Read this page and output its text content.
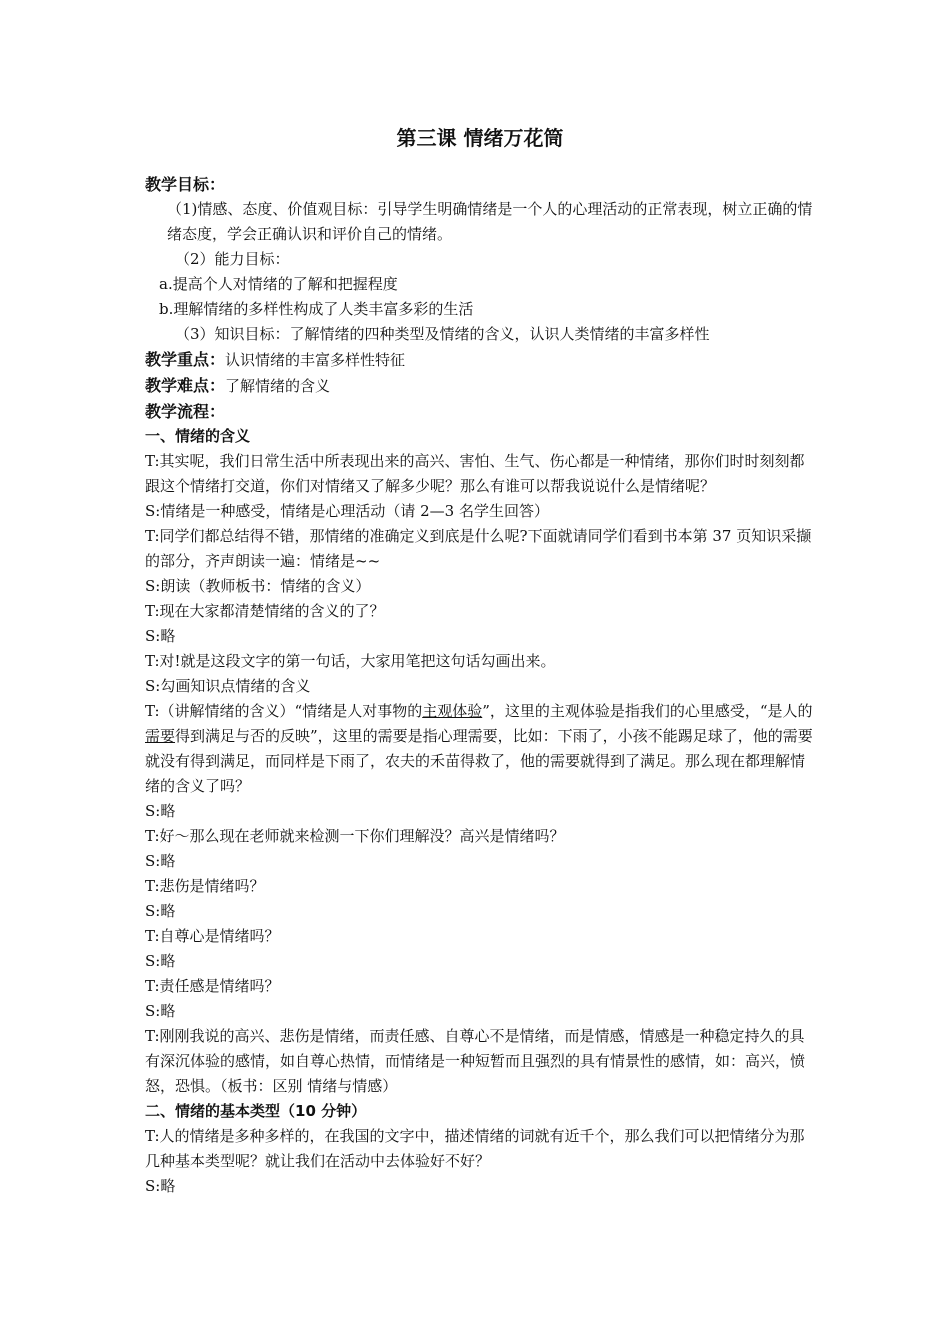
第三课 情绪万花筒
教学目标：

（1)情感、态度、价值观目标：引导学生明确情绪是一个人的心理活动的正常表现，树立正确的情绪态度，学会正确认识和评价自己的情绪。

（2）能力目标：

a.提高个人对情绪的了解和把握程度

b.理解情绪的多样性构成了人类丰富多彩的生活

（3）知识目标：了解情绪的四种类型及情绪的含义，认识人类情绪的丰富多样性

教学重点：认识情绪的丰富多样性特征

教学难点：了解情绪的含义

教学流程：
一、情绪的含义

T:其实呢，我们日常生活中所表现出来的高兴、害怕、生气、伤心都是一种情绪，那你们时时刻刻都跟这个情绪打交道，你们对情绪又了解多少呢？那么有谁可以帮我说说什么是情绪呢？

S:情绪是一种感受，情绪是心理活动（请 2—3 名学生回答）

T:同学们都总结得不错，那情绪的准确定义到底是什么呢?下面就请同学们看到书本第 37 页知识采撷的部分，齐声朗读一遍：情绪是~~

S:朗读（教师板书：情绪的含义）

T:现在大家都清楚情绪的含义的了？

S:略

T:对!就是这段文字的第一句话，大家用笔把这句话勾画出来。

S:勾画知识点情绪的含义

T:（讲解情绪的含义）“情绪是人对事物的主观体验”，这里的主观体验是指我们的心里感受，“是人的需要得到满足与否的反映”，这里的需要是指心理需要，比如：下雨了，小孩不能踢足球了，他的需要就没有得到满足，而同样是下雨了，农夫的禾苗得救了，他的需要就得到了满足。那么现在都理解情绪的含义了吗？

S:略

T:好～那么现在老师就来检测一下你们理解没？高兴是情绪吗？

S:略

T:悲伤是情绪吗？

S:略

T:自尊心是情绪吗？

S:略

T:责任感是情绪吗？

S:略

T:刚刚我说的高兴、悲伤是情绪，而责任感、自尊心不是情绪，而是情感，情感是一种稳定持久的具有深沉体验的感情，如自尊心热情，而情绪是一种短暂而且强烈的具有情景性的感情，如：高兴，愤怒，恐惧。（板书：区别 情绪与情感）

二、情绪的基本类型（10 分钟）

T:人的情绪是多种多样的，在我国的文字中，描述情绪的词就有近千个，那么我们可以把情绪分为那几种基本类型呢？就让我们在活动中去体验好不好？

S:略
